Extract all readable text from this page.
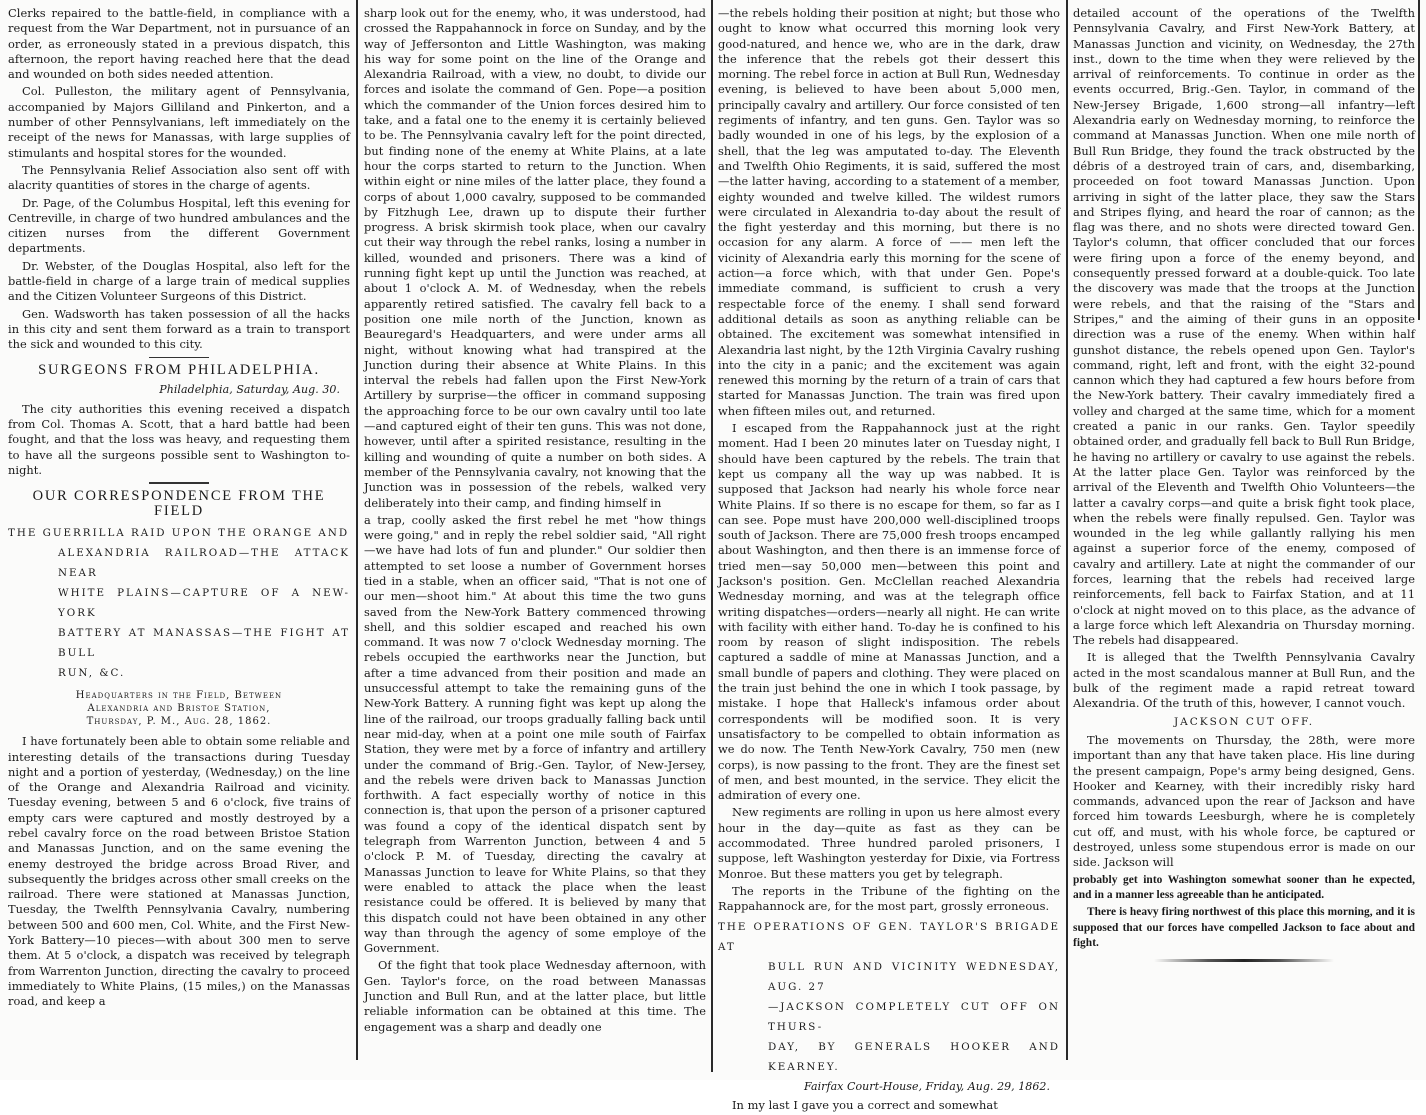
Clerks repaired to the battle-field, in compliance with a request from the War Department, not in pursuance of an order, as erroneously stated in a previous dispatch, this afternoon, the report having reached here that the dead and wounded on both sides needed attention.

Col. Pulleston, the military agent of Pennsylvania, accompanied by Majors Gilliland and Pinkerton, and a number of other Pennsylvanians, left immediately on the receipt of the news for Manassas, with large supplies of stimulants and hospital stores for the wounded.

The Pennsylvania Relief Association also sent off with alacrity quantities of stores in the charge of agents.

Dr. Page, of the Columbus Hospital, left this evening for Centreville, in charge of two hundred ambulances and the citizen nurses from the different Government departments.

Dr. Webster, of the Douglas Hospital, also left for the battle-field in charge of a large train of medical supplies and the Citizen Volunteer Surgeons of this District.

Gen. Wadsworth has taken possession of all the hacks in this city and sent them forward as a train to transport the sick and wounded to this city.

SURGEONS FROM PHILADELPHIA.
Philadelphia, Saturday, Aug. 30.

The city authorities this evening received a dispatch from Col. Thomas A. Scott, that a hard battle had been fought, and that the loss was heavy, and requesting them to have all the surgeons possible sent to Washington to-night.

OUR CORRESPONDENCE FROM THE FIELD
THE GUERRILLA RAID UPON THE ORANGE AND
ALEXANDRIA RAILROAD—THE ATTACK NEAR
WHITE PLAINS—CAPTURE OF A NEW-YORK
BATTERY AT MANASSAS—THE FIGHT AT BULL
RUN, &C.
Headquarters in the Field, Between
Alexandria and Bristoe Station,
Thursday, P. M., Aug. 28, 1862.

I have fortunately been able to obtain some reliable and interesting details of the transactions during Tuesday night and a portion of yesterday, (Wednesday,) on the line of the Orange and Alexandria Railroad and vicinity. Tuesday evening, between 5 and 6 o'clock, five trains of empty cars were captured and mostly destroyed by a rebel cavalry force on the road between Bristoe Station and Manassas Junction, and on the same evening the enemy destroyed the bridge across Broad River, and subsequently the bridges across other small creeks on the railroad. There were stationed at Manassas Junction, Tuesday, the Twelfth Pennsylvania Cavalry, numbering between 500 and 600 men, Col. White, and the First New-York Battery—10 pieces—with about 300 men to serve them. At 5 o'clock, a dispatch was received by telegraph from Warrenton Junction, directing the cavalry to proceed immediately to White Plains, (15 miles,) on the Manassas road, and keep a

sharp look out for the enemy, who, it was understood, had crossed the Rappahannock in force on Sunday, and by the way of Jeffersonton and Little Washington, was making his way for some point on the line of the Orange and Alexandria Railroad, with a view, no doubt, to divide our forces and isolate the command of Gen. Pope—a position which the commander of the Union forces desired him to take, and a fatal one to the enemy it is certainly believed to be. The Pennsylvania cavalry left for the point directed, but finding none of the enemy at White Plains, at a late hour the corps started to return to the Junction. When within eight or nine miles of the latter place, they found a corps of about 1,000 cavalry, supposed to be commanded by Fitzhugh Lee, drawn up to dispute their further progress. A brisk skirmish took place, when our cavalry cut their way through the rebel ranks, losing a number in killed, wounded and prisoners. There was a kind of running fight kept up until the Junction was reached, at about 1 o'clock A. M. of Wednesday, when the rebels apparently retired satisfied. The cavalry fell back to a position one mile north of the Junction, known as Beauregard's Headquarters, and were under arms all night, without knowing what had transpired at the Junction during their absence at White Plains. In this interval the rebels had fallen upon the First New-York Artillery by surprise—the officer in command supposing the approaching force to be our own cavalry until too late—and captured eight of their ten guns. This was not done, however, until after a spirited resistance, resulting in the killing and wounding of quite a number on both sides. A member of the Pennsylvania cavalry, not knowing that the Junction was in possession of the rebels, walked very deliberately into their camp, and finding himself in

a trap, coolly asked the first rebel he met "how things were going," and in reply the rebel soldier said, "All right—we have had lots of fun and plunder." Our soldier then attempted to set loose a number of Government horses tied in a stable, when an officer said, "That is not one of our men—shoot him." At about this time the two guns saved from the New-York Battery commenced throwing shell, and this soldier escaped and reached his own command. It was now 7 o'clock Wednesday morning. The rebels occupied the earthworks near the Junction, but after a time advanced from their position and made an unsuccessful attempt to take the remaining guns of the New-York Battery. A running fight was kept up along the line of the railroad, our troops gradually falling back until near mid-day, when at a point one mile south of Fairfax Station, they were met by a force of infantry and artillery under the command of Brig.-Gen. Taylor, of New-Jersey, and the rebels were driven back to Manassas Junction forthwith. A fact especially worthy of notice in this connection is, that upon the person of a prisoner captured was found a copy of the identical dispatch sent by telegraph from Warrenton Junction, between 4 and 5 o'clock P. M. of Tuesday, directing the cavalry at Manassas Junction to leave for White Plains, so that they were enabled to attack the place when the least resistance could be offered. It is believed by many that this dispatch could not have been obtained in any other way than through the agency of some employe of the Government.

Of the fight that took place Wednesday afternoon, with Gen. Taylor's force, on the road between Manassas Junction and Bull Run, and at the latter place, but little reliable information can be obtained at this time. The engagement was a sharp and deadly one

—the rebels holding their position at night; but those who ought to know what occurred this morning look very good-natured, and hence we, who are in the dark, draw the inference that the rebels got their dessert this morning. The rebel force in action at Bull Run, Wednesday evening, is believed to have been about 5,000 men, principally cavalry and artillery. Our force consisted of ten regiments of infantry, and ten guns. Gen. Taylor was so badly wounded in one of his legs, by the explosion of a shell, that the leg was amputated to-day. The Eleventh and Twelfth Ohio Regiments, it is said, suffered the most—the latter having, according to a statement of a member, eighty wounded and twelve killed. The wildest rumors were circulated in Alexandria to-day about the result of the fight yesterday and this morning, but there is no occasion for any alarm. A force of —— men left the vicinity of Alexandria early this morning for the scene of action—a force which, with that under Gen. Pope's immediate command, is sufficient to crush a very respectable force of the enemy. I shall send forward additional details as soon as anything reliable can be obtained. The excitement was somewhat intensified in Alexandria last night, by the 12th Virginia Cavalry rushing into the city in a panic; and the excitement was again renewed this morning by the return of a train of cars that started for Manassas Junction. The train was fired upon when fifteen miles out, and returned.

I escaped from the Rappahannock just at the right moment. Had I been 20 minutes later on Tuesday night, I should have been captured by the rebels. The train that kept us company all the way up was nabbed. It is supposed that Jackson had nearly his whole force near White Plains. If so there is no escape for them, so far as I can see. Pope must have 200,000 well-disciplined troops south of Jackson. There are 75,000 fresh troops encamped about Washington, and then there is an immense force of tried men—say 50,000 men—between this point and Jackson's position. Gen. McClellan reached Alexandria Wednesday morning, and was at the telegraph office writing dispatches—orders—nearly all night. He can write with facility with either hand. To-day he is confined to his room by reason of slight indisposition. The rebels captured a saddle of mine at Manassas Junction, and a small bundle of papers and clothing. They were placed on the train just behind the one in which I took passage, by mistake. I hope that Halleck's infamous order about correspondents will be modified soon. It is very unsatisfactory to be compelled to obtain information as we do now. The Tenth New-York Cavalry, 750 men (new corps), is now passing to the front. They are the finest set of men, and best mounted, in the service. They elicit the admiration of every one.

New regiments are rolling in upon us here almost every hour in the day—quite as fast as they can be accommodated. Three hundred paroled prisoners, I suppose, left Washington yesterday for Dixie, via Fortress Monroe. But these matters you get by telegraph.

The reports in the Tribune of the fighting on the Rappahannock are, for the most part, grossly erroneous.

THE OPERATIONS OF GEN. TAYLOR'S BRIGADE AT
BULL RUN AND VICINITY WEDNESDAY, AUG. 27
—JACKSON COMPLETELY CUT OFF ON THURS-
DAY, BY GENERALS HOOKER AND KEARNEY.
Fairfax Court-House, Friday, Aug. 29, 1862.

In my last I gave you a correct and somewhat

detailed account of the operations of the Twelfth Pennsylvania Cavalry, and First New-York Battery, at Manassas Junction and vicinity, on Wednesday, the 27th inst., down to the time when they were relieved by the arrival of reinforcements. To continue in order as the events occurred, Brig.-Gen. Taylor, in command of the New-Jersey Brigade, 1,600 strong—all infantry—left Alexandria early on Wednesday morning, to reinforce the command at Manassas Junction. When one mile north of Bull Run Bridge, they found the track obstructed by the débris of a destroyed train of cars, and, disembarking, proceeded on foot toward Manassas Junction. Upon arriving in sight of the latter place, they saw the Stars and Stripes flying, and heard the roar of cannon; as the flag was there, and no shots were directed toward Gen. Taylor's column, that officer concluded that our forces were firing upon a force of the enemy beyond, and consequently pressed forward at a double-quick. Too late the discovery was made that the troops at the Junction were rebels, and that the raising of the "Stars and Stripes," and the aiming of their guns in an opposite direction was a ruse of the enemy. When within half gunshot distance, the rebels opened upon Gen. Taylor's command, right, left and front, with the eight 32-pound cannon which they had captured a few hours before from the New-York battery. Their cavalry immediately fired a volley and charged at the same time, which for a moment created a panic in our ranks. Gen. Taylor speedily obtained order, and gradually fell back to Bull Run Bridge, he having no artillery or cavalry to use against the rebels. At the latter place Gen. Taylor was reinforced by the arrival of the Eleventh and Twelfth Ohio Volunteers—the latter a cavalry corps—and quite a brisk fight took place, when the rebels were finally repulsed. Gen. Taylor was wounded in the leg while gallantly rallying his men against a superior force of the enemy, composed of cavalry and artillery. Late at night the commander of our forces, learning that the rebels had received large reinforcements, fell back to Fairfax Station, and at 11 o'clock at night moved on to this place, as the advance of a large force which left Alexandria on Thursday morning. The rebels had disappeared.

It is alleged that the Twelfth Pennsylvania Cavalry acted in the most scandalous manner at Bull Run, and the bulk of the regiment made a rapid retreat toward Alexandria. Of the truth of this, however, I cannot vouch.

JACKSON CUT OFF.

The movements on Thursday, the 28th, were more important than any that have taken place. His line during the present campaign, Pope's army being designed, Gens. Hooker and Kearney, with their incredibly risky hard commands, advanced upon the rear of Jackson and have forced him towards Leesburgh, where he is completely cut off, and must, with his whole force, be captured or destroyed, unless some stupendous error is made on our side. Jackson will

probably get into Washington somewhat sooner than he expected, and in a manner less agreeable than he anticipated.

There is heavy firing northwest of this place this morning, and it is supposed that our forces have compelled Jackson to face about and fight.
